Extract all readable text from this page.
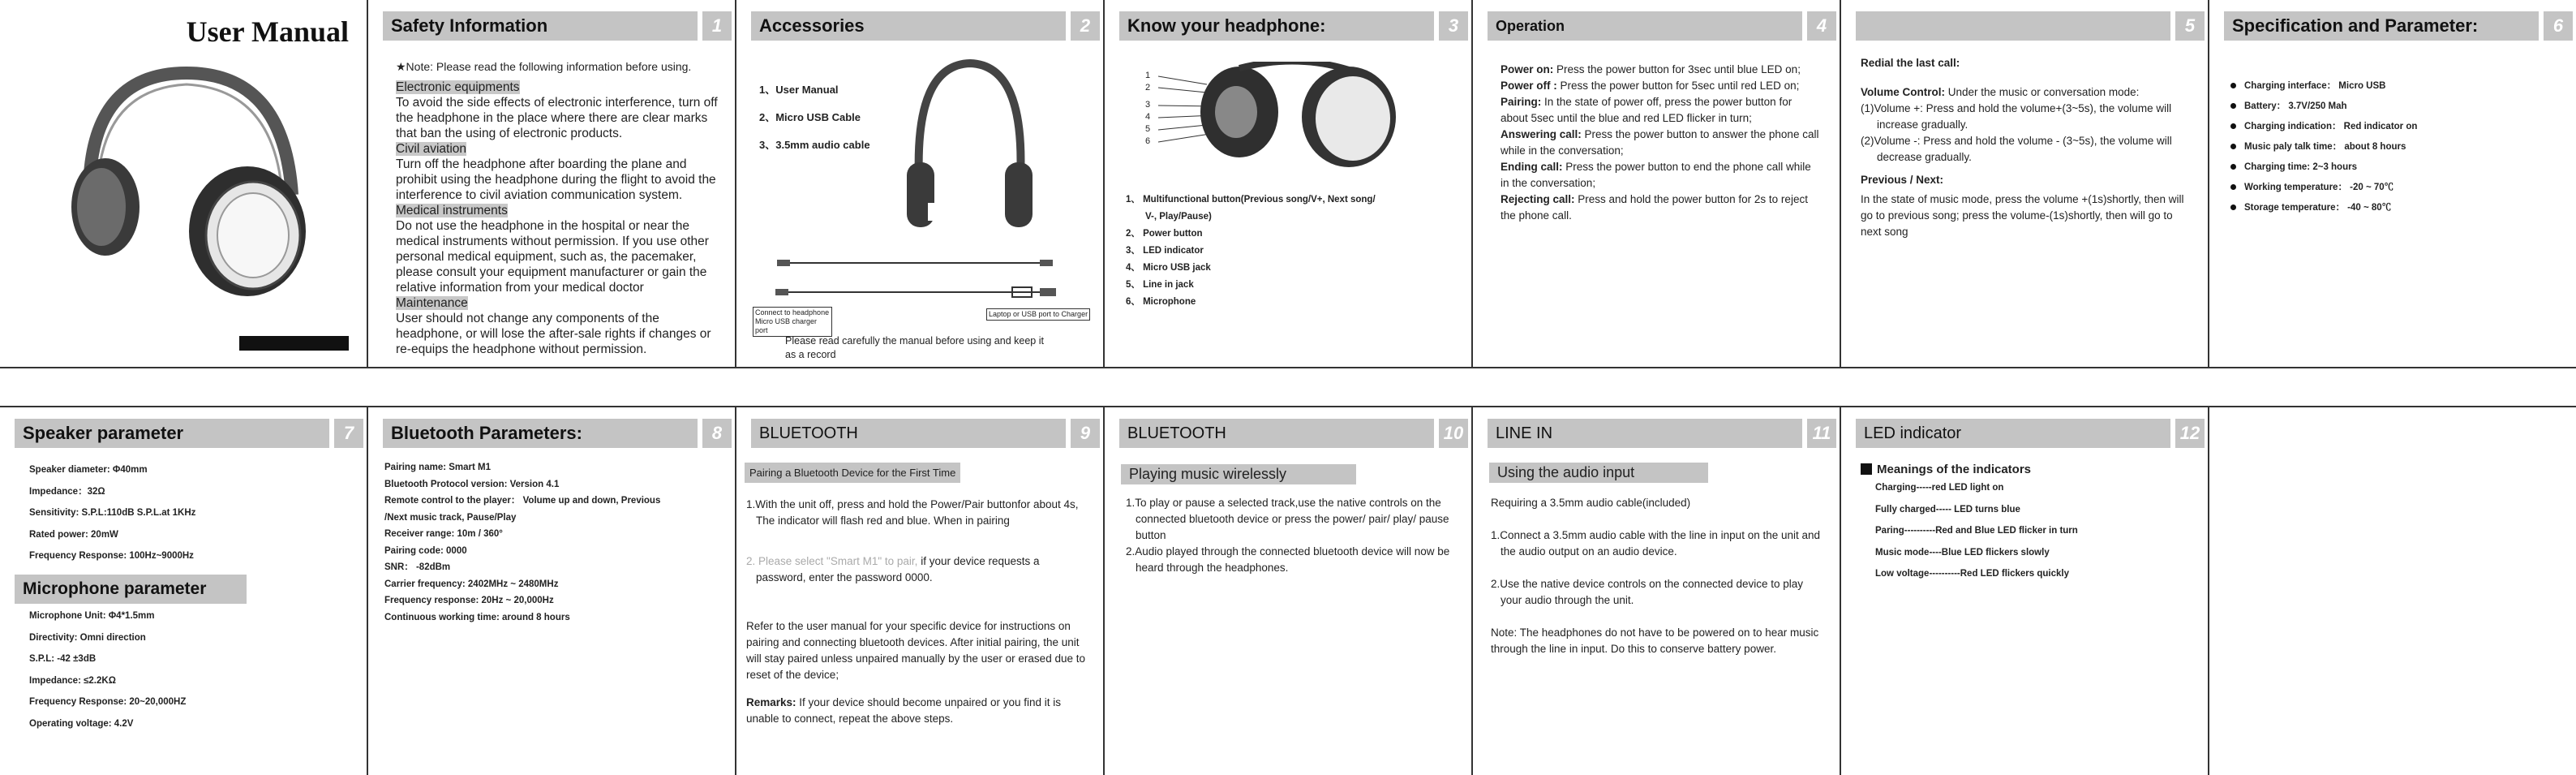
User Manual	Safety Information	1
★Note: Please read the following information before using.
Electronic equipments
To avoid the side effects of electronic interference, turn off the headphone in the place where there are clear marks that ban the using of electronic products.
Civil aviation
Turn off the headphone after boarding the plane and prohibit using the headphone during the flight to avoid the interference to civil aviation communication system.
Medical instruments
Do not use the headphone in the hospital or near the medical instruments without permission. If you use other personal medical equipment, such as, the pacemaker, please consult your equipment manufacturer or gain the relative information from your medical doctor
Maintenance
User should not change any components of the headphone, or will lose the after-sale rights if changes or re-equips the headphone without permission.
Accessories	2
1、User Manual
2、Micro USB Cable
3、3.5mm audio cable
Connect to headphone Micro USB charger port
Laptop or USB port to Charger
Please read carefully the manual before using and keep it as a record
Know your headphone:	3
1
2
3
4
5
6
1、 Multifunctional button(Previous song/V+, Next song/
V-, Play/Pause)
2、 Power button
3、 LED indicator
4、 Micro USB jack
5、 Line in jack
6、 Microphone
Operation	4
Power on: Press the power button for 3sec until blue LED on;
Power off : Press the power button for 5sec until red LED on;
Pairing: In the state of power off, press the power button for about 5sec until the blue and red LED flicker in turn;
Answering call: Press the power button to answer the phone call while in the conversation;
Ending call: Press the power button to end the phone call while in the conversation;
Rejecting call: Press and hold the power button for 2s to reject the phone call.
5
Redial the last call:
Volume Control: Under the music or conversation mode:
(1)Volume +: Press and hold the volume+(3~5s), the volume will increase gradually.
(2)Volume -: Press and hold the volume - (3~5s), the volume will decrease gradually.
Previous / Next:
In the state of music mode, press the volume +(1s)shortly, then will go to previous song; press the volume-(1s)shortly, then will go to next song
Specification and Parameter:	6
Charging interface： Micro USB
Battery： 3.7V/250 Mah
Charging indication： Red indicator on
Music paly talk time： about 8 hours
Charging time: 2~3 hours
Working temperature： -20 ~ 70℃
Storage temperature： -40 ~ 80℃
Speaker parameter	7
Speaker diameter: Φ40mm
Impedance：32Ω
Sensitivity: S.P.L:110dB S.P.L.at 1KHz
Rated power: 20mW
Frequency Response: 100Hz~9000Hz
Microphone parameter
Microphone Unit: Φ4*1.5mm
Directivity: Omni direction
S.P.L: -42 ±3dB
Impedance: ≤2.2KΩ
Frequency Response: 20~20,000HZ
Operating voltage: 4.2V
Bluetooth Parameters:	8
Pairing name: Smart M1
Bluetooth Protocol version: Version 4.1
Remote control to the player： Volume up and down, Previous
/Next music track, Pause/Play
Receiver range: 10m / 360°
Pairing code: 0000
SNR： -82dBm
Carrier frequency: 2402MHz ~ 2480MHz
Frequency response: 20Hz ~ 20,000Hz
Continuous working time: around 8 hours
BLUETOOTH	9
Pairing a Bluetooth Device for the First Time
1.With the unit off, press and hold the Power/Pair buttonfor about 4s, The indicator will flash red and blue. When in pairing
2. Please select "Smart M1" to pair, if your device requests a password, enter the password 0000.
Refer to the user manual for your specific device for instructions on pairing and connecting bluetooth devices. After initial pairing, the unit will stay paired unless unpaired manually by the user or erased due to reset of the device;
Remarks: If your device should become unpaired or you find it is unable to connect, repeat the above steps.
BLUETOOTH	10
Playing music wirelessly
1.To play or pause a selected track,use the native controls on the connected bluetooth device or press the power/ pair/ play/ pause button
2.Audio played through the connected bluetooth device will now be heard through the headphones.
LINE IN	11
Using the audio input
Requiring a 3.5mm audio cable(included)
1.Connect a 3.5mm audio cable with the line in input on the unit and the audio output on an audio device.
2.Use the native device controls on the connected device to play your audio through the unit.
Note: The headphones do not have to be powered on to hear music through the line in input. Do this to conserve battery power.
LED indicator	12
Meanings of the indicators
Charging-----red LED light on
Fully charged----- LED turns blue
Paring----------Red and Blue LED flicker in turn
Music mode----Blue LED flickers slowly
Low voltage----------Red LED flickers quickly
